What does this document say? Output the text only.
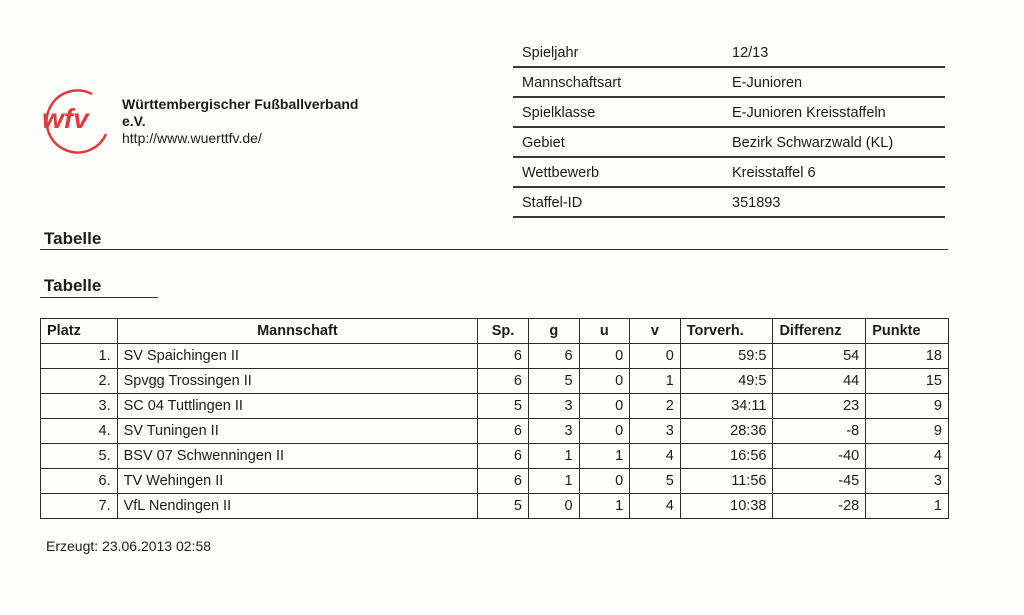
wfv Württembergischer Fußballverband
e.V.
http://www.wuerttfv.de/
Spieljahr	12/13
Mannschaftsart	E-Junioren
Spielklasse	E-Junioren Kreisstaffeln
Gebiet	Bezirk Schwarzwald (KL)
Wettbewerb	Kreisstaffel 6
Staffel-ID	351893
Tabelle
Tabelle
Platz	Mannschaft	Sp.	g	u	v	Torverh.	Differenz	Punkte
1.	SV Spaichingen II	6	6	0	0	59:5	54	18
2.	Spvgg Trossingen II	6	5	0	1	49:5	44	15
3.	SC 04 Tuttlingen II	5	3	0	2	34:11	23	9
4.	SV Tuningen II	6	3	0	3	28:36	-8	9
5.	BSV 07 Schwenningen II	6	1	1	4	16:56	-40	4
6.	TV Wehingen II	6	1	0	5	11:56	-45	3
7.	VfL Nendingen II	5	0	1	4	10:38	-28	1
Erzeugt: 23.06.2013 02:58
